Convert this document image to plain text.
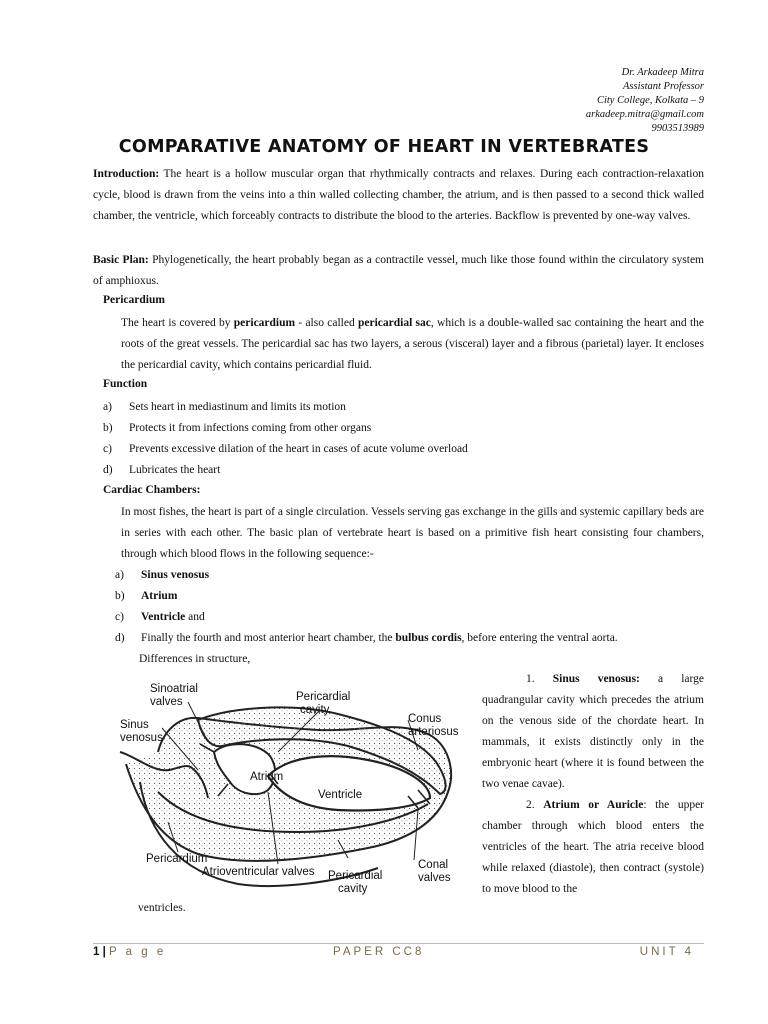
Dr. Arkadeep Mitra
Assistant Professor
City College, Kolkata – 9
arkadeep.mitra@gmail.com
9903513989
COMPARATIVE ANATOMY OF HEART IN VERTEBRATES

Introduction: The heart is a hollow muscular organ that rhythmically contracts and relaxes. During each contraction-relaxation cycle, blood is drawn from the veins into a thin walled collecting chamber, the atrium, and is then passed to a second thick walled chamber, the ventricle, which forceably contracts to distribute the blood to the arteries. Backflow is prevented by one-way valves.

Basic Plan: Phylogenetically, the heart probably began as a contractile vessel, much like those found within the circulatory system of amphioxus.

Pericardium
The heart is covered by pericardium - also called pericardial sac, which is a double-walled sac containing the heart and the roots of the great vessels. The pericardial sac has two layers, a serous (visceral) layer and a fibrous (parietal) layer. It encloses the pericardial cavity, which contains pericardial fluid.
Function
a) Sets heart in mediastinum and limits its motion
b) Protects it from infections coming from other organs
c) Prevents excessive dilation of the heart in cases of acute volume overload
d) Lubricates the heart
Cardiac Chambers:
In most fishes, the heart is part of a single circulation. Vessels serving gas exchange in the gills and systemic capillary beds are in series with each other. The basic plan of vertebrate heart is based on a primitive fish heart consisting four chambers, through which blood flows in the following sequence:-
a) Sinus venosus
b) Atrium
c) Ventricle and
d) Finally the fourth and most anterior heart chamber, the bulbus cordis, before entering the ventral aorta.
Differences in structure,
Sinoatrial
valves
Sinus
venosus
Pericardial
cavity
Conus
arteriosus
Atrium
Ventricle
Pericardium
Atrioventricular valves Pericardial
cavity
Conal
valves

1. Sinus venosus: a large quadrangular cavity which precedes the atrium on the venous side of the chordate heart. In mammals, it exists distinctly only in the embryonic heart (where it is found between the two venae cavae).

2. Atrium or Auricle: the upper chamber through which blood enters the ventricles of the heart. The atria receive blood while relaxed (diastole), then contract (systole) to move blood to the

ventricles.
1 | P a g e	PAPER CC8	UNIT 4
